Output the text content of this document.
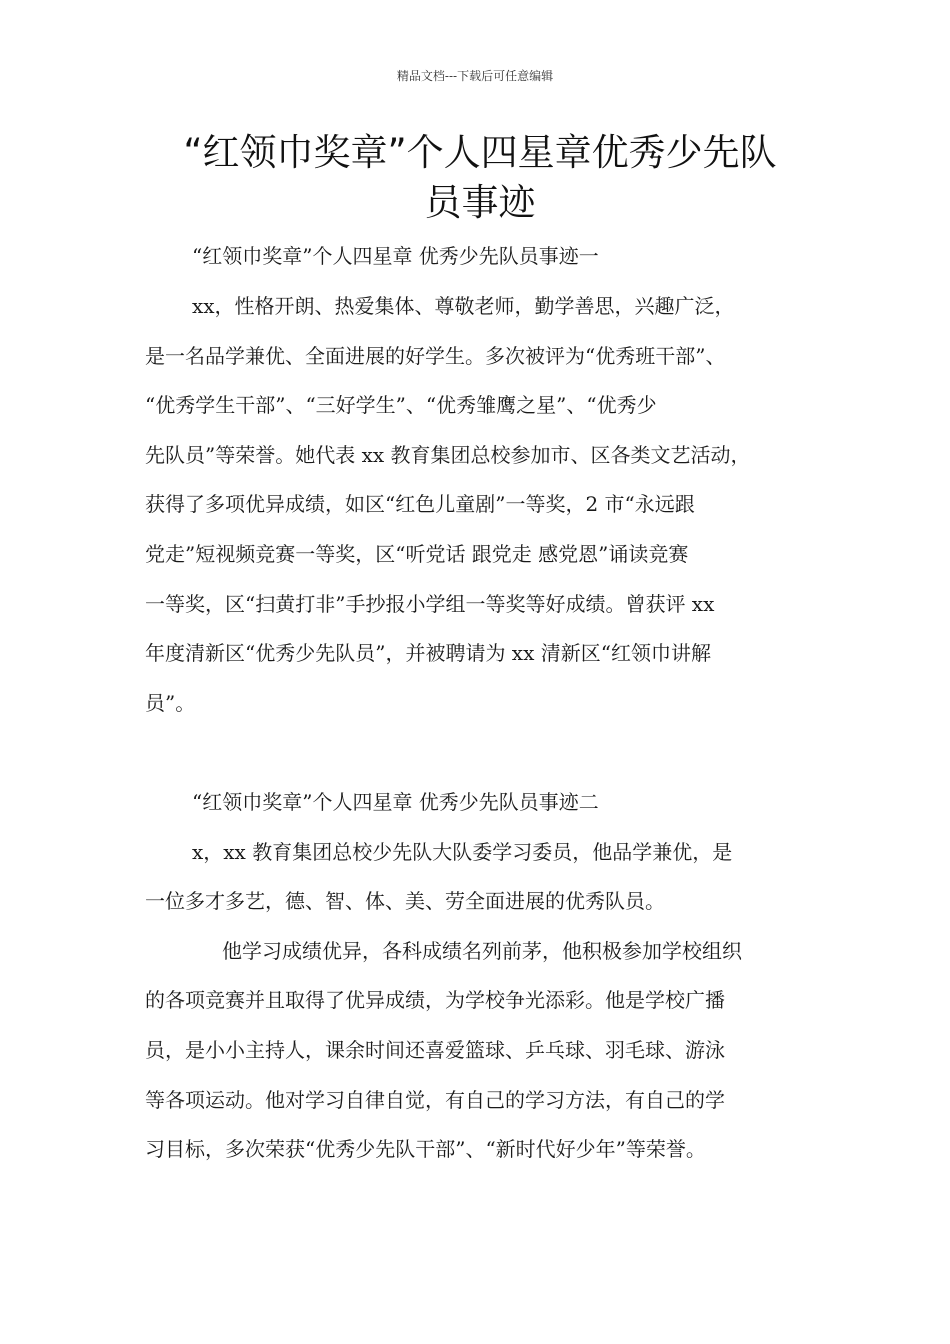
精品文档---下载后可任意编辑
“红领巾奖章”个人四星章优秀少先队
员事迹
“红领巾奖章”个人四星章 优秀少先队员事迹一
xx，性格开朗、热爱集体、尊敬老师，勤学善思，兴趣广泛，
是一名品学兼优、全面进展的好学生。多次被评为“优秀班干部”、
“优秀学生干部”、“三好学生”、“优秀雏鹰之星”、“优秀少
先队员”等荣誉。她代表 xx 教育集团总校参加市、区各类文艺活动，
获得了多项优异成绩，如区“红色儿童剧”一等奖，2 市“永远跟
党走”短视频竞赛一等奖，区“听党话 跟党走 感党恩”诵读竞赛
一等奖，区“扫黄打非”手抄报小学组一等奖等好成绩。曾获评 xx
年度清新区“优秀少先队员”，并被聘请为 xx 清新区“红领巾讲解
员”。
“红领巾奖章”个人四星章 优秀少先队员事迹二
x，xx 教育集团总校少先队大队委学习委员，他品学兼优，是
一位多才多艺，德、智、体、美、劳全面进展的优秀队员。
他学习成绩优异，各科成绩名列前茅，他积极参加学校组织
的各项竞赛并且取得了优异成绩，为学校争光添彩。他是学校广播
员，是小小主持人，课余时间还喜爱篮球、乒乓球、羽毛球、游泳
等各项运动。他对学习自律自觉，有自己的学习方法，有自己的学
习目标，多次荣获“优秀少先队干部”、“新时代好少年”等荣誉。
